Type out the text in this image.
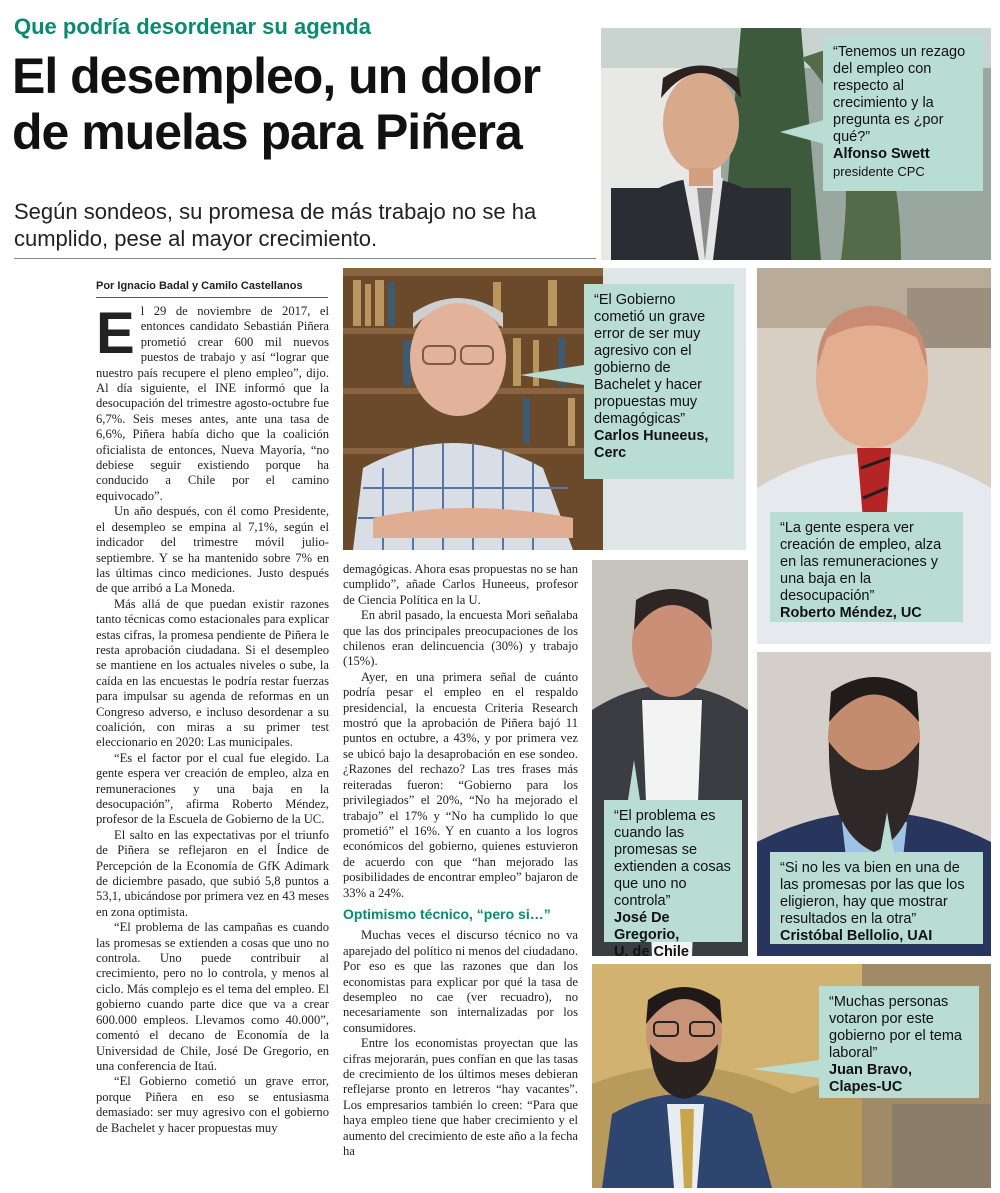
Que podría desordenar su agenda
El desempleo, un dolor de muelas para Piñera
Según sondeos, su promesa de más trabajo no se ha cumplido, pese al mayor crecimiento.
“Tenemos un rezago del empleo con respecto al crecimiento y la pregunta es ¿por qué?”
Alfonso Swett
presidente CPC
Por Ignacio Badal y Camilo Castellanos

El 29 de noviembre de 2017, el entonces candidato Sebastián Piñera prometió crear 600 mil nuevos puestos de trabajo y así “lograr que nuestro país recupere el pleno empleo”, dijo. Al día siguiente, el INE informó que la desocupación del trimestre agosto-octubre fue 6,7%. Seis meses antes, ante una tasa de 6,6%, Piñera había dicho que la coalición oficialista de entonces, Nueva Mayoría, “no debiese seguir existiendo porque ha conducido a Chile por el camino equivocado”.

Un año después, con él como Presidente, el desempleo se empina al 7,1%, según el indicador del trimestre móvil julio-septiembre. Y se ha mantenido sobre 7% en las últimas cinco mediciones. Justo después de que arribó a La Moneda.

Más allá de que puedan existir razones tanto técnicas como estacionales para explicar estas cifras, la promesa pendiente de Piñera le resta aprobación ciudadana. Si el desempleo se mantiene en los actuales niveles o sube, la caída en las encuestas le podría restar fuerzas para impulsar su agenda de reformas en un Congreso adverso, e incluso desordenar a su coalición, con miras a su primer test eleccionario en 2020: Las municipales.

“Es el factor por el cual fue elegido. La gente espera ver creación de empleo, alza en remuneraciones y una baja en la desocupación”, afirma Roberto Méndez, profesor de la Escuela de Gobierno de la UC.

El salto en las expectativas por el triunfo de Piñera se reflejaron en el Índice de Percepción de la Economía de GfK Adimark de diciembre pasado, que subió 5,8 puntos a 53,1, ubicándose por primera vez en 43 meses en zona optimista.

“El problema de las campañas es cuando las promesas se extienden a cosas que uno no controla. Uno puede contribuir al crecimiento, pero no lo controla, y menos al ciclo. Más complejo es el tema del empleo. El gobierno cuando parte dice que va a crear 600.000 empleos. Llevamos como 40.000”, comentó el decano de Economía de la Universidad de Chile, José De Gregorio, en una conferencia de Itaú.

“El Gobierno cometió un grave error, porque Piñera en eso se entusiasma demasiado: ser muy agresivo con el gobierno de Bachelet y hacer propuestas muy

“El Gobierno cometió un grave error de ser muy agresivo con el gobierno de Bachelet y hacer propuestas muy demagógicas”
Carlos Huneeus,
Cerc
“La gente espera ver creación de empleo, alza en las remuneraciones y una baja en la desocupación”
Roberto Méndez, UC

demagógicas. Ahora esas propuestas no se han cumplido”, añade Carlos Huneeus, profesor de Ciencia Política en la U.

En abril pasado, la encuesta Mori señalaba que las dos principales preocupaciones de los chilenos eran delincuencia (30%) y trabajo (15%).

Ayer, en una primera señal de cuánto podría pesar el empleo en el respaldo presidencial, la encuesta Criteria Research mostró que la aprobación de Piñera bajó 11 puntos en octubre, a 43%, y por primera vez se ubicó bajo la desaprobación en ese sondeo. ¿Razones del rechazo? Las tres frases más reiteradas fueron: “Gobierno para los privilegiados” el 20%, “No ha mejorado el trabajo” el 17% y “No ha cumplido lo que prometió” el 16%. Y en cuanto a los logros económicos del gobierno, quienes estuvieron de acuerdo con que “han mejorado las posibilidades de encontrar empleo” bajaron de 33% a 24%.

Optimismo técnico, “pero si…”

Muchas veces el discurso técnico no va aparejado del político ni menos del ciudadano. Por eso es que las razones que dan los economistas para explicar por qué la tasa de desempleo no cae (ver recuadro), no necesariamente son internalizadas por los consumidores.

Entre los economistas proyectan que las cifras mejorarán, pues confían en que las tasas de crecimiento de los últimos meses debieran reflejarse pronto en letreros “hay vacantes”. Los empresarios también lo creen: “Para que haya empleo tiene que haber crecimiento y el aumento del crecimiento de este año a la fecha ha

“El problema es cuando las promesas se extienden a cosas que uno no controla”
José De Gregorio,
U. de Chile
“Si no les va bien en una de las promesas por las que los eligieron, hay que mostrar resultados en la otra”
Cristóbal Bellolio, UAI
“Muchas personas votaron por este gobierno por el tema laboral”
Juan Bravo,
Clapes-UC
